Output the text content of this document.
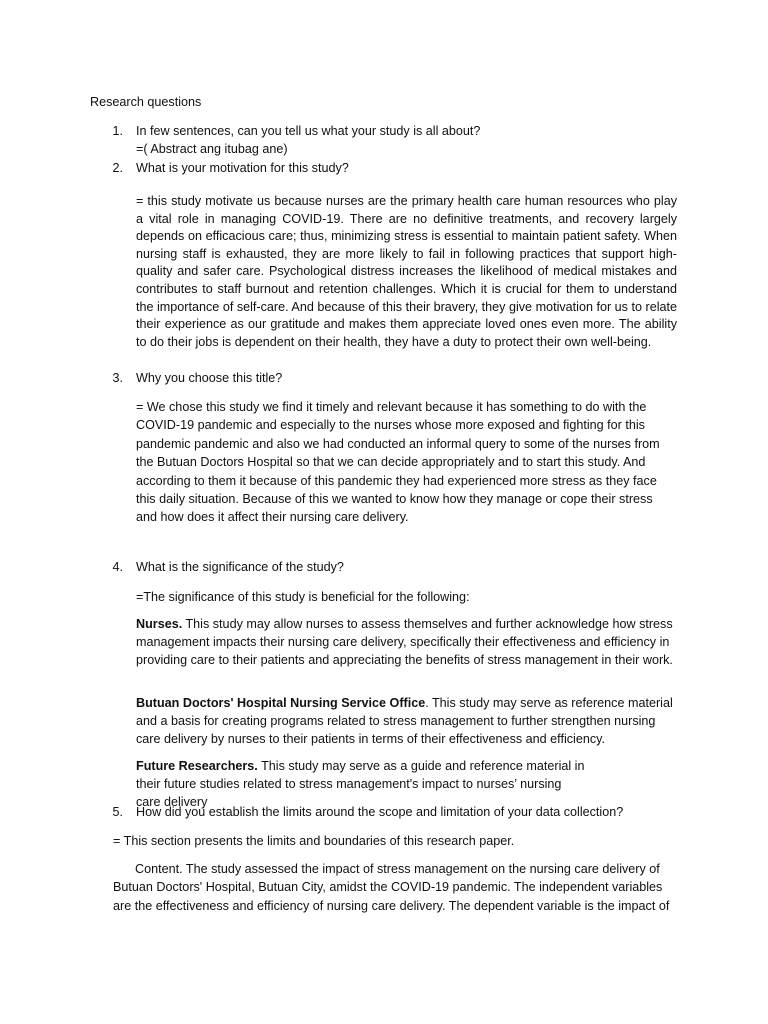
Research questions

1. In few sentences, can you tell us what your study is all about?

=( Abstract ang itubag ane)

2. What is your motivation for this study?

= this study motivate us because nurses are the primary health care human resources who play a vital role in managing COVID-19. There are no definitive treatments, and recovery largely depends on efficacious care; thus, minimizing stress is essential to maintain patient safety. When nursing staff is exhausted, they are more likely to fail in following practices that support high-quality and safer care. Psychological distress increases the likelihood of medical mistakes and contributes to staff burnout and retention challenges. Which it is crucial for them to understand the importance of self-care. And because of this their bravery, they give motivation for us to relate their experience as our gratitude and makes them appreciate loved ones even more. The ability to do their jobs is dependent on their health, they have a duty to protect their own well-being.

3. Why you choose this title?

= We chose this study we find it timely and relevant because it has something to do with the COVID-19 pandemic and especially to the nurses whose more exposed and fighting for this pandemic pandemic and also we had conducted an informal query to some of the nurses from the Butuan Doctors Hospital so that we can decide appropriately and to start this study. And according to them it because of this pandemic they had experienced more stress as they face this daily situation. Because of this we wanted to know how they manage or cope their stress and how does it affect their nursing care delivery.

4. What is the significance of the study?

=The significance of this study is beneficial for the following:

Nurses. This study may allow nurses to assess themselves and further acknowledge how stress management impacts their nursing care delivery, specifically their effectiveness and efficiency in providing care to their patients and appreciating the benefits of stress management in their work.

Butuan Doctors' Hospital Nursing Service Office. This study may serve as reference material and a basis for creating programs related to stress management to further strengthen nursing care delivery by nurses to their patients in terms of their effectiveness and efficiency.

Future Researchers. This study may serve as a guide and reference material in their future studies related to stress management's impact to nurses’ nursing care delivery

5. How did you establish the limits around the scope and limitation of your data collection?

= This section presents the limits and boundaries of this research paper.

Content. The study assessed the impact of stress management on the nursing care delivery of Butuan Doctors' Hospital, Butuan City, amidst the COVID-19 pandemic. The independent variables are the effectiveness and efficiency of nursing care delivery. The dependent variable is the impact of
